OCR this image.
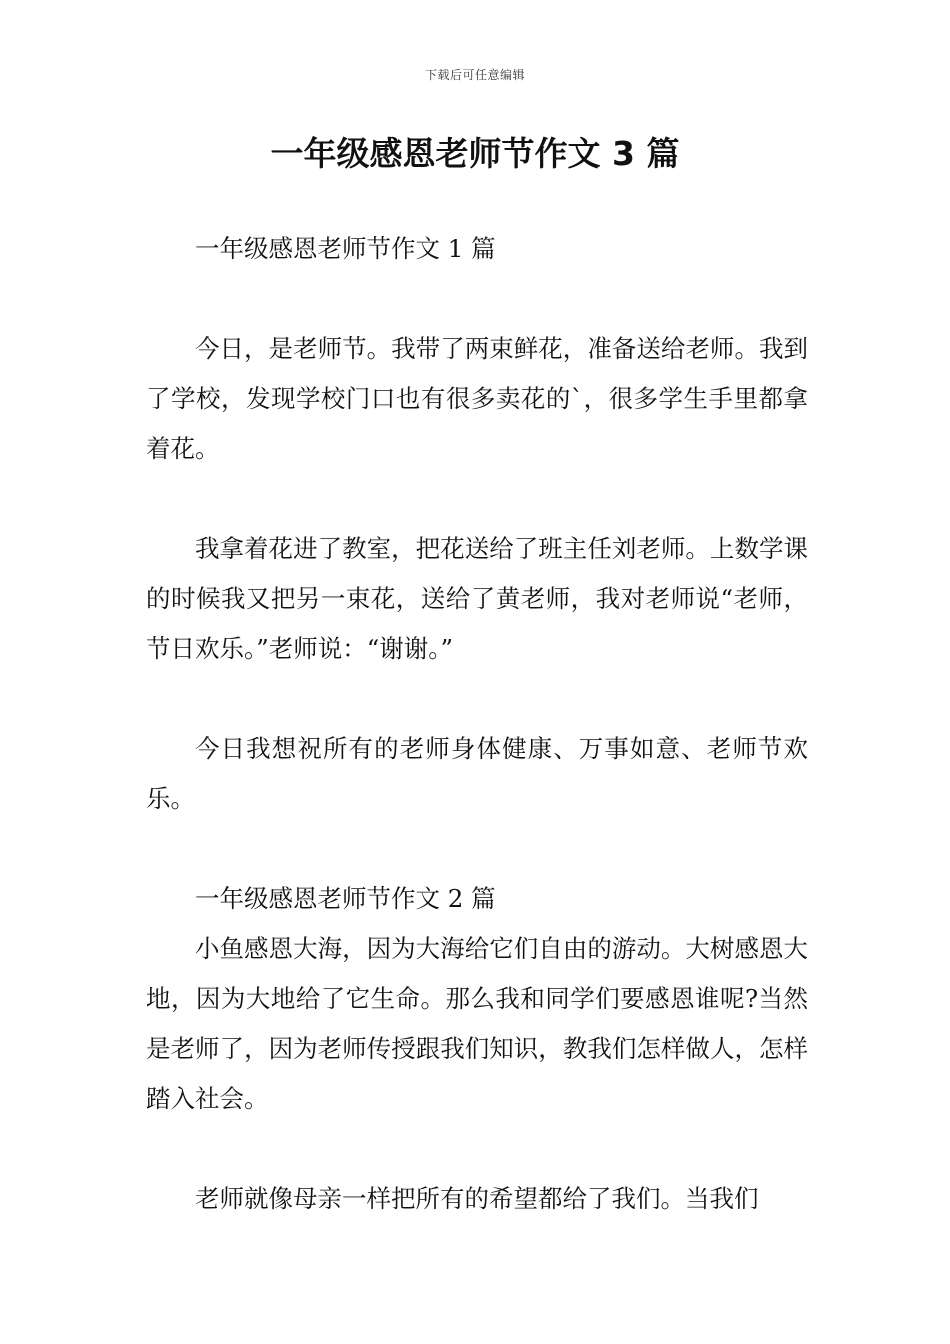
下载后可任意编辑
一年级感恩老师节作文 3 篇

一年级感恩老师节作文 1 篇

今日，是老师节。我带了两束鲜花，准备送给老师。我到了学校，发现学校门口也有很多卖花的`，很多学生手里都拿着花。

我拿着花进了教室，把花送给了班主任刘老师。上数学课的时候我又把另一束花，送给了黄老师，我对老师说“老师，节日欢乐。”老师说：“谢谢。”

今日我想祝所有的老师身体健康、万事如意、老师节欢乐。

一年级感恩老师节作文 2 篇

小鱼感恩大海，因为大海给它们自由的游动。大树感恩大地，因为大地给了它生命。那么我和同学们要感恩谁呢?当然是老师了，因为老师传授跟我们知识，教我们怎样做人，怎样踏入社会。

老师就像母亲一样把所有的希望都给了我们。当我们
